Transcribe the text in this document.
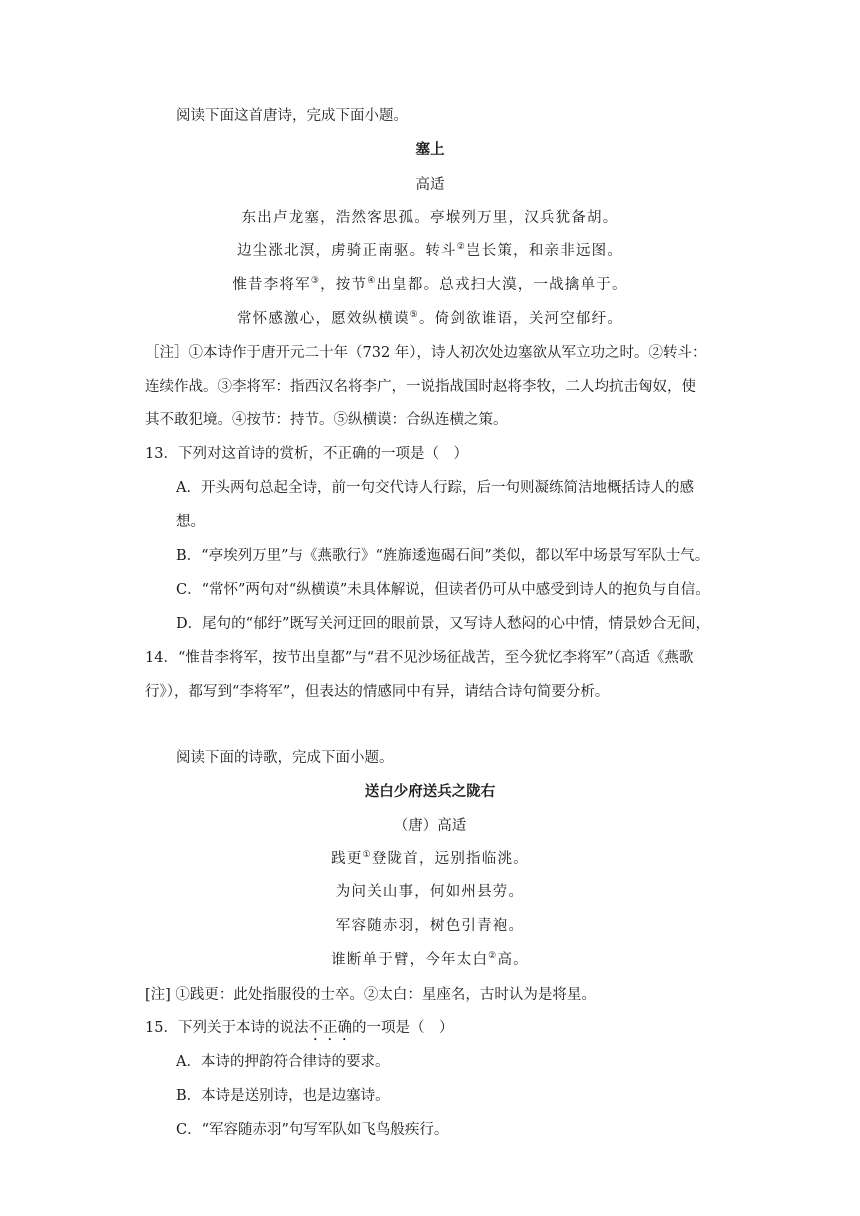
阅读下面这首唐诗，完成下面小题。
塞上
高适
东出卢龙塞，浩然客思孤。亭堠列万里，汉兵犹备胡。
边尘涨北溟，虏骑正南驱。转斗②岂长策，和亲非远图。
惟昔李将军③，按节④出皇都。总戎扫大漠，一战擒单于。
常怀感激心，愿效纵横谟⑤。倚剑欲谁语，关河空郁纡。
［注］①本诗作于唐开元二十年（732 年），诗人初次处边塞欲从军立功之时。②转斗：
连续作战。③李将军：指西汉名将李广，一说指战国时赵将李牧，二人均抗击匈奴，使
其不敢犯境。④按节：持节。⑤纵横谟：合纵连横之策。
13．下列对这首诗的赏析，不正确的一项是（　）
A．开头两句总起全诗，前一句交代诗人行踪，后一句则凝练简洁地概括诗人的感
想。
B．“亭埃列万里”与《燕歌行》“旌旆逶迤碣石间”类似，都以军中场景写军队士气。
C．“常怀”两句对“纵横谟”未具体解说，但读者仍可从中感受到诗人的抱负与自信。
D．尾句的“郁纡”既写关河迂回的眼前景，又写诗人愁闷的心中情，情景妙合无间，
14．“惟昔李将军，按节出皇都”与“君不见沙场征战苦，至今犹忆李将军”（高适《燕歌
行》），都写到“李将军”，但表达的情感同中有异，请结合诗句简要分析。
阅读下面的诗歌，完成下面小题。
送白少府送兵之陇右
（唐）高适
践更①登陇首，远别指临洮。
为问关山事，何如州县劳。
军容随赤羽，树色引青袍。
谁断单于臂，今年太白②高。
[注] ①践更：此处指服役的士卒。②太白：星座名，古时认为是将星。
15．下列关于本诗的说法不正确的一项是（　）
A．本诗的押韵符合律诗的要求。
B．本诗是送别诗，也是边塞诗。
C．“军容随赤羽”句写军队如飞鸟般疾行。
